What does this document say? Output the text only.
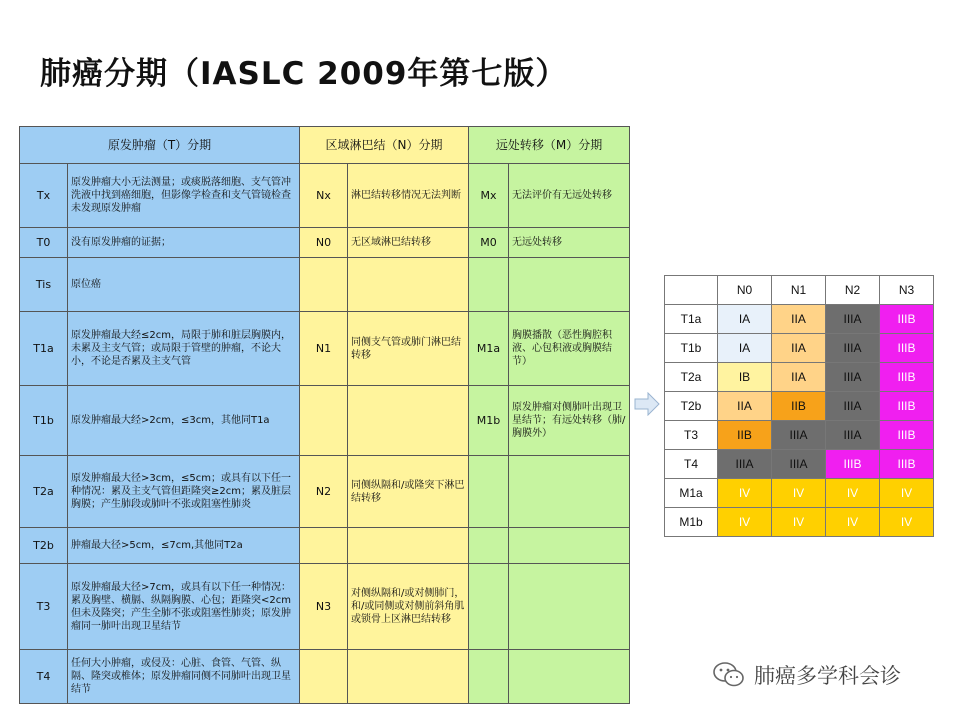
肺癌分期（IASLC 2009年第七版）
原发肿瘤（T）分期		区域淋巴结（N）分期		远处转移（M）分期	
Tx	原发肿瘤大小无法测量；或痰脱落细胞、支气管冲洗液中找到癌细胞，但影像学检查和支气管镜检查未发现原发肿瘤	Nx	淋巴结转移情况无法判断	Mx	无法评价有无远处转移
T0	没有原发肿瘤的证据；	N0	无区域淋巴结转移	M0	无远处转移
Tis	原位癌				
T1a	原发肿瘤最大经≤2cm，局限于肺和脏层胸膜内，未累及主支气管；或局限于管壁的肿瘤，不论大小，不论是否累及主支气管	N1	同侧支气管或肺门淋巴结转移	M1a	胸膜播散（恶性胸腔积液、心包积液或胸膜结节）
T1b	原发肿瘤最大经>2cm，≤3cm，其他同T1a			M1b	原发肿瘤对侧肺叶出现卫星结节；有远处转移（肺/胸膜外）
T2a	原发肿瘤最大径>3cm，≤5cm；或具有以下任一种情况：累及主支气管但距隆突≥2cm；累及脏层胸膜；产生肺段或肺叶不张或阻塞性肺炎	N2	同侧纵隔和/或隆突下淋巴结转移		
T2b	肿瘤最大径>5cm，≤7cm,其他同T2a				
T3	原发肿瘤最大径>7cm，或具有以下任一种情况：累及胸壁、横膈、纵隔胸膜、心包；距隆突<2cm但未及隆突；产生全肺不张或阻塞性肺炎；原发肿瘤同一肺叶出现卫星结节	N3	对侧纵隔和/或对侧肺门，和/或同侧或对侧前斜角肌或锁骨上区淋巴结转移		
T4	任何大小肿瘤，或侵及：心脏、食管、气管、纵隔、隆突或椎体；原发肿瘤同侧不同肺叶出现卫星结节				
	N0	N1	N2	N3
T1a	IA	IIA	IIIA	IIIB
T1b	IA	IIA	IIIA	IIIB
T2a	IB	IIA	IIIA	IIIB
T2b	IIA	IIB	IIIA	IIIB
T3	IIB	IIIA	IIIA	IIIB
T4	IIIA	IIIA	IIIB	IIIB
M1a	IV	IV	IV	IV
M1b	IV	IV	IV	IV
肺癌多学科会诊
